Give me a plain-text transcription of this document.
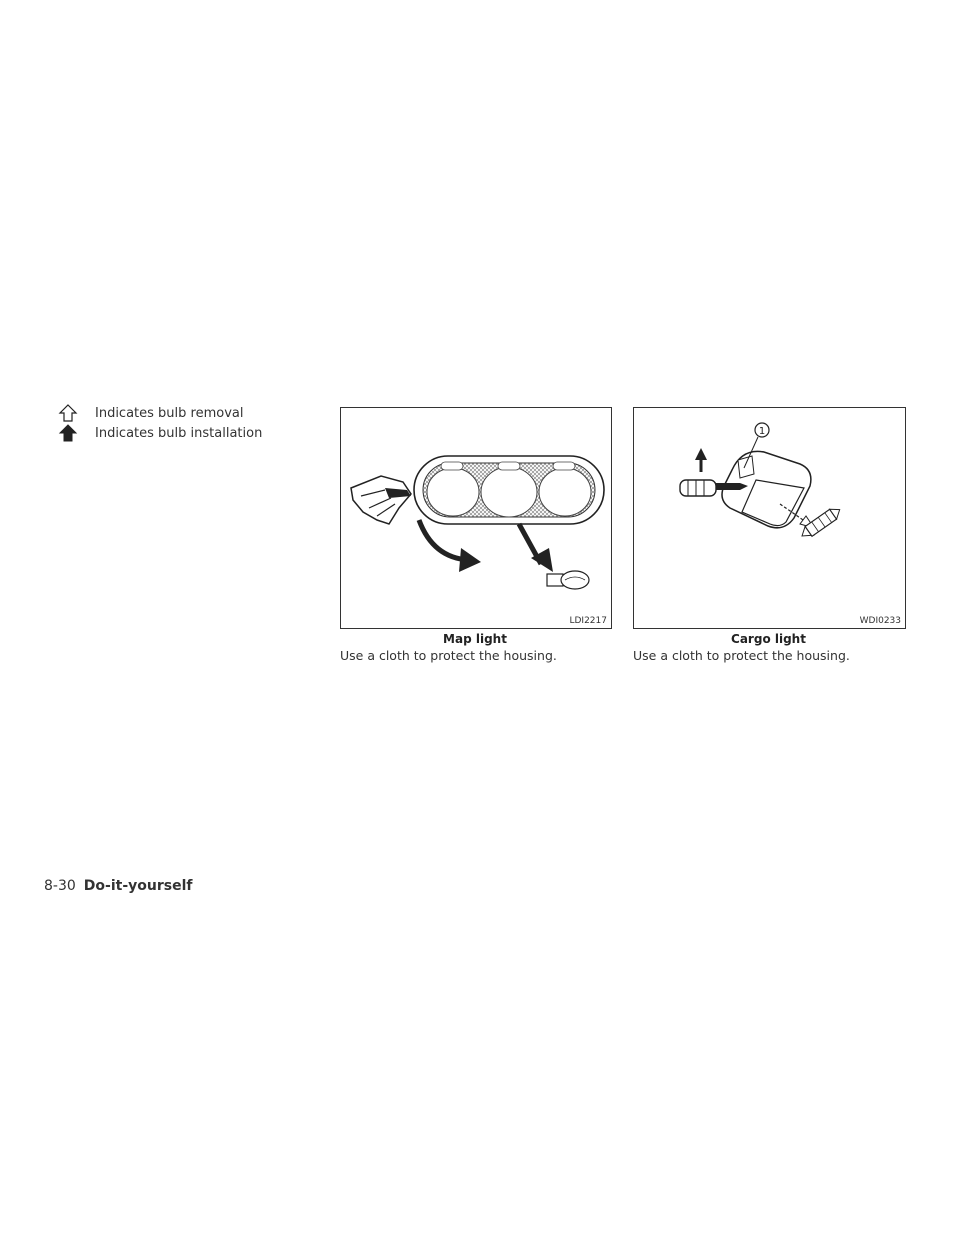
Indicates bulb removal
Indicates bulb installation
LDI2217
Map light
Use a cloth to protect the housing.
1
WDI0233
Cargo light
Use a cloth to protect the housing.
8-30 Do-it-yourself
